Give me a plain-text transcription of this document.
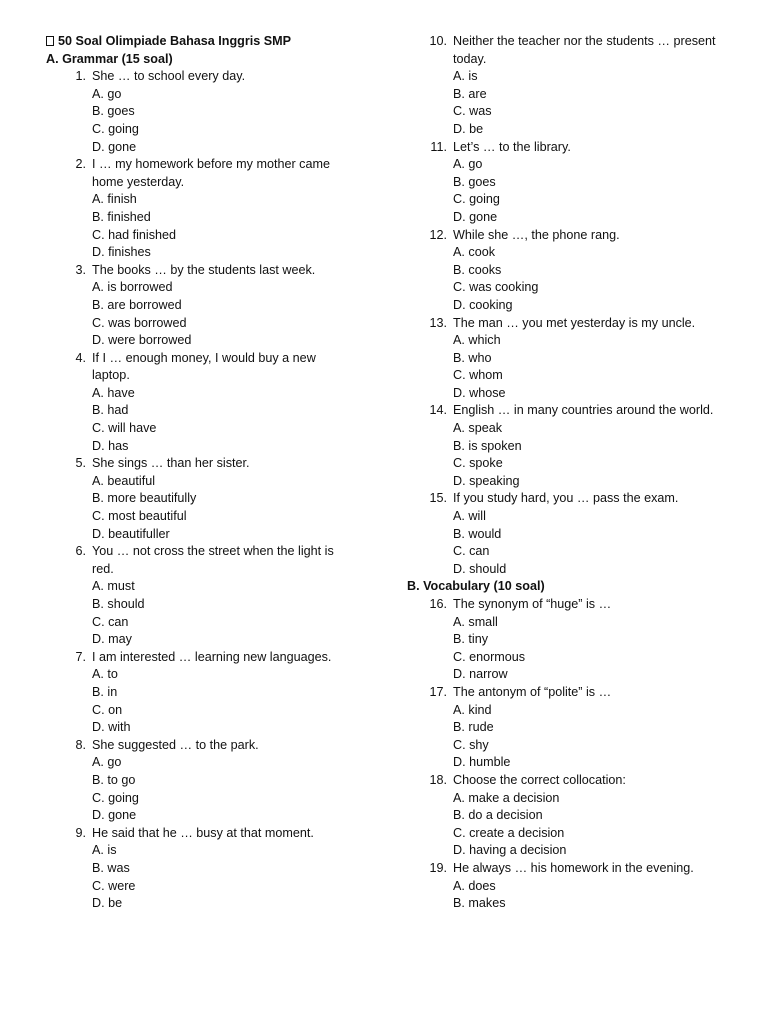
50 Soal Olimpiade Bahasa Inggris SMP
A. Grammar (15 soal)
1. She … to school every day.
A. go
B. goes
C. going
D. gone
2. I … my homework before my mother came home yesterday.
A. finish
B. finished
C. had finished
D. finishes
3. The books … by the students last week.
A. is borrowed
B. are borrowed
C. was borrowed
D. were borrowed
4. If I … enough money, I would buy a new laptop.
A. have
B. had
C. will have
D. has
5. She sings … than her sister.
A. beautiful
B. more beautifully
C. most beautiful
D. beautifuller
6. You … not cross the street when the light is red.
A. must
B. should
C. can
D. may
7. I am interested … learning new languages.
A. to
B. in
C. on
D. with
8. She suggested … to the park.
A. go
B. to go
C. going
D. gone
9. He said that he … busy at that moment.
A. is
B. was
C. were
D. be
10. Neither the teacher nor the students … present today.
A. is
B. are
C. was
D. be
11. Let’s … to the library.
A. go
B. goes
C. going
D. gone
12. While she …, the phone rang.
A. cook
B. cooks
C. was cooking
D. cooking
13. The man … you met yesterday is my uncle.
A. which
B. who
C. whom
D. whose
14. English … in many countries around the world.
A. speak
B. is spoken
C. spoke
D. speaking
15. If you study hard, you … pass the exam.
A. will
B. would
C. can
D. should
B. Vocabulary (10 soal)
16. The synonym of “huge” is …
A. small
B. tiny
C. enormous
D. narrow
17. The antonym of “polite” is …
A. kind
B. rude
C. shy
D. humble
18. Choose the correct collocation:
A. make a decision
B. do a decision
C. create a decision
D. having a decision
19. He always … his homework in the evening.
A. does
B. makes
